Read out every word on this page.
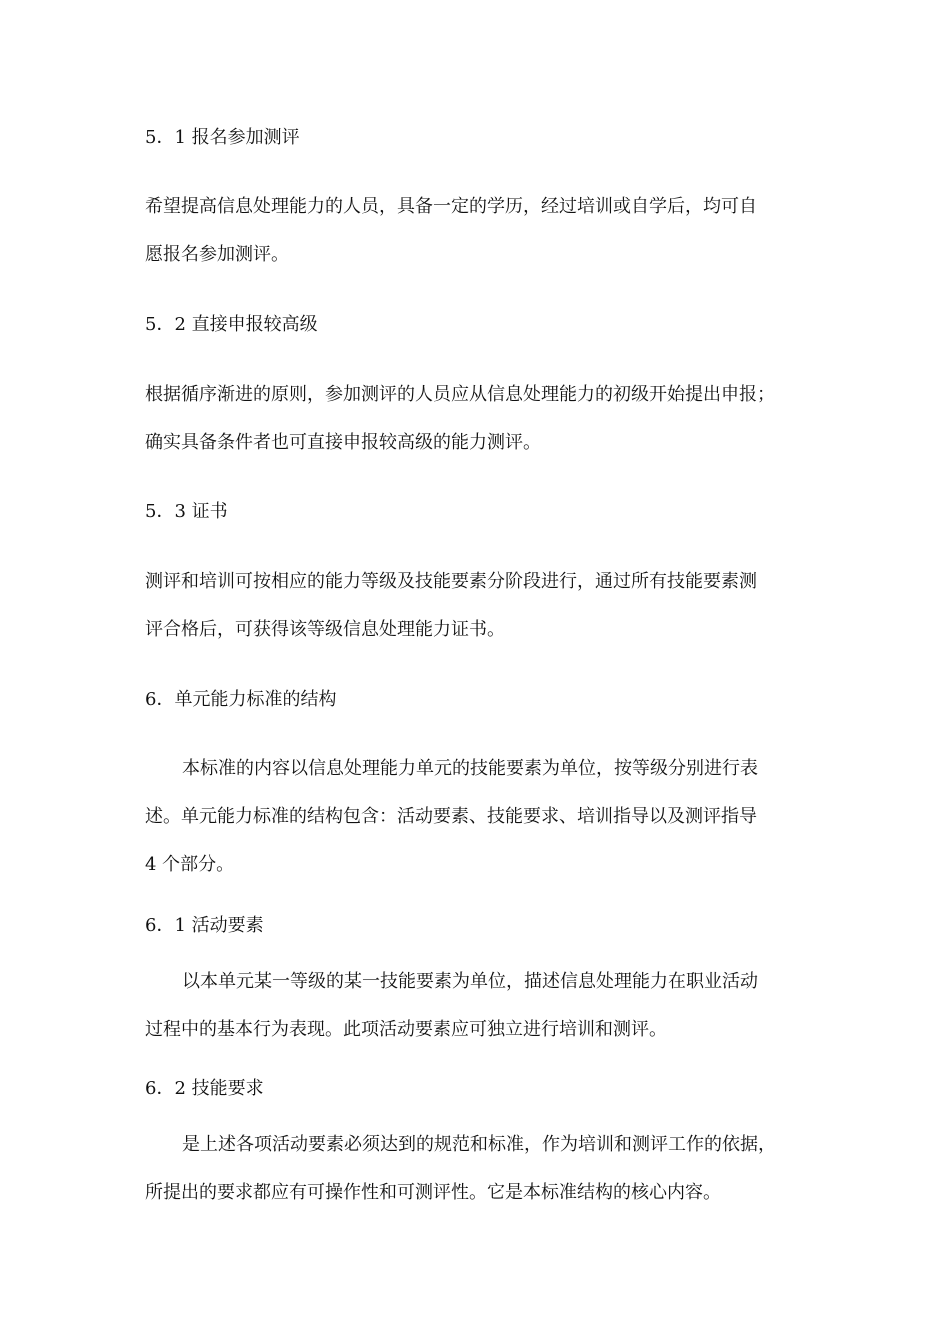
5．1 报名参加测评

希望提高信息处理能力的人员，具备一定的学历，经过培训或自学后，均可自

愿报名参加测评。

5．2 直接申报较高级

根据循序渐进的原则，参加测评的人员应从信息处理能力的初级开始提出申报；

确实具备条件者也可直接申报较高级的能力测评。

5．3 证书

测评和培训可按相应的能力等级及技能要素分阶段进行，通过所有技能要素测

评合格后，可获得该等级信息处理能力证书。

6．单元能力标准的结构

本标准的内容以信息处理能力单元的技能要素为单位，按等级分别进行表

述。单元能力标准的结构包含：活动要素、技能要求、培训指导以及测评指导

4 个部分。

6．1 活动要素

以本单元某一等级的某一技能要素为单位，描述信息处理能力在职业活动

过程中的基本行为表现。此项活动要素应可独立进行培训和测评。

6．2 技能要求

是上述各项活动要素必须达到的规范和标准，作为培训和测评工作的依据，

所提出的要求都应有可操作性和可测评性。它是本标准结构的核心内容。
